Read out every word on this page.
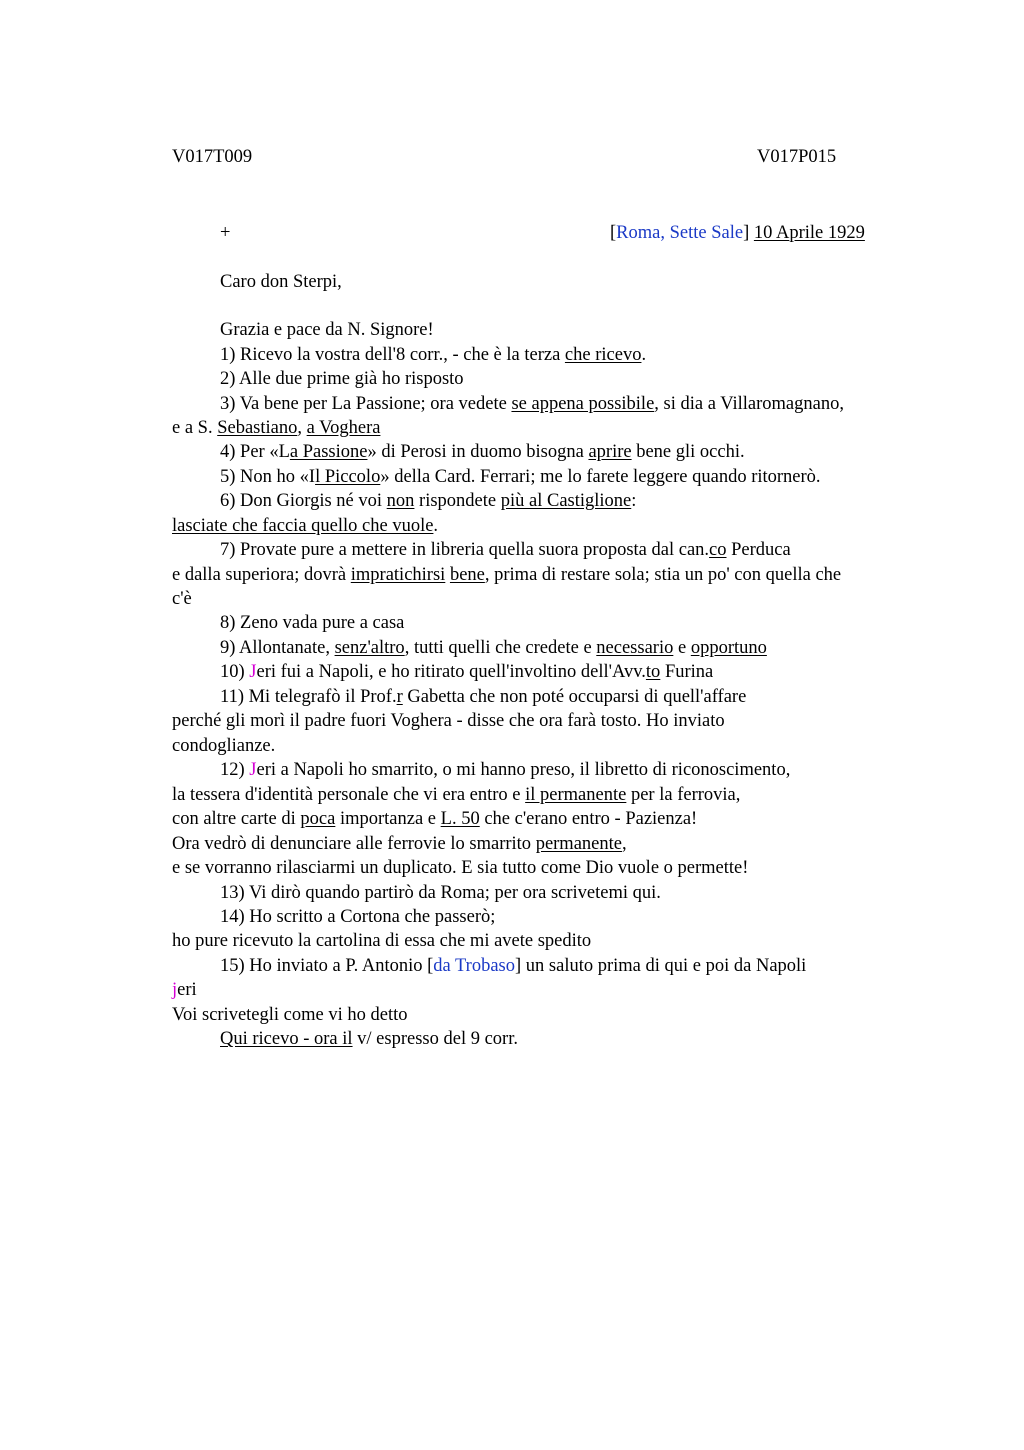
V017T009	V017P015
+	[Roma, Sette Sale] 10 Aprile 1929
Caro don Sterpi,
Grazia e pace da N. Signore!
1) Ricevo la vostra dell'8 corr., - che è la terza che ricevo.
2) Alle due prime già ho risposto
3) Va bene per La Passione; ora vedete se appena possibile, si dia a Villaromagnano,
e a S. Sebastiano, a Voghera
4) Per «La Passione» di Perosi in duomo bisogna aprire bene gli occhi.
5) Non ho «Il Piccolo» della Card. Ferrari; me lo farete leggere quando ritornerò.
6) Don Giorgis né voi non rispondete più al Castiglione:
lasciate che faccia quello che vuole.
7) Provate pure a mettere in libreria quella suora proposta dal can.co Perduca
e dalla superiora; dovrà impratichirsi bene, prima di restare sola; stia un po' con quella che
c'è
8) Zeno vada pure a casa
9) Allontanate, senz'altro, tutti quelli che credete e necessario e opportuno
10) Jeri fui a Napoli, e ho ritirato quell'involtino dell'Avv.to Furina
11) Mi telegrafò il Prof.r Gabetta che non poté occuparsi di quell'affare
perché gli morì il padre fuori Voghera - disse che ora farà tosto. Ho inviato
condoglianze.
12) Jeri a Napoli ho smarrito, o mi hanno preso, il libretto di riconoscimento,
la tessera d'identità personale che vi era entro e il permanente per la ferrovia,
con altre carte di poca importanza e L. 50 che c'erano entro - Pazienza!
Ora vedrò di denunciare alle ferrovie lo smarrito permanente,
e se vorranno rilasciarmi un duplicato. E sia tutto come Dio vuole o permette!
13) Vi dirò quando partirò da Roma; per ora scrivetemi qui.
14) Ho scritto a Cortona che passerò;
ho pure ricevuto la cartolina di essa che mi avete spedito
15) Ho inviato a P. Antonio [da Trobaso] un saluto prima di qui e poi da Napoli
jeri
Voi scrivetegli come vi ho detto
Qui ricevo - ora il v/ espresso del 9 corr.
